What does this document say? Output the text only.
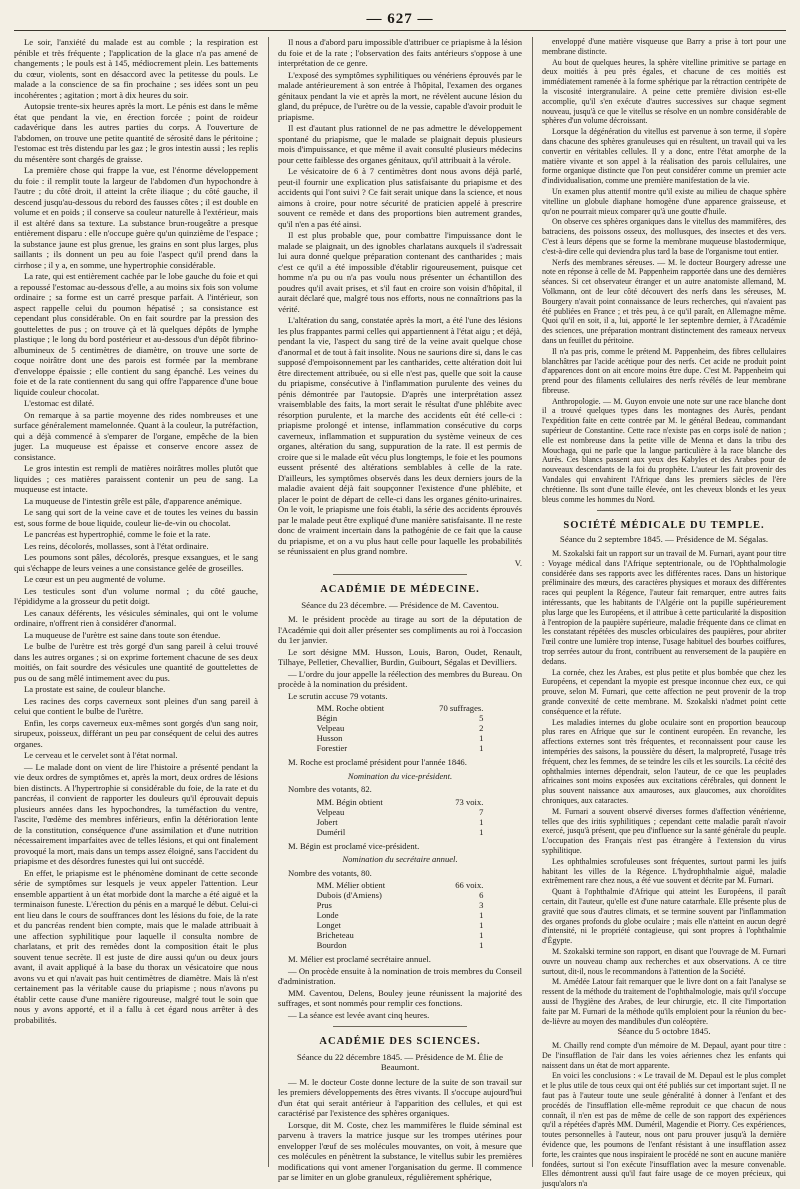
— 627 —

Le soir, l'anxiété du malade est au comble ; la respiration est pénible et très fréquente ; l'application de la glace n'a pas amené de changements ; le pouls est à 145, médiocrement plein. Les battements du cœur, violents, sont en désaccord avec la petitesse du pouls. Le malade a la conscience de sa fin prochaine ; ses idées sont un peu incohérentes ; agitation ; mort à dix heures du soir.

Autopsie trente-six heures après la mort. Le pénis est dans le même état que pendant la vie, en érection forcée ; point de roideur cadavérique dans les autres parties du corps. A l'ouverture de l'abdomen, on trouve une petite quantité de sérosité dans le péritoine ; l'estomac est très distendu par les gaz ; le gros intestin aussi ; les replis du mésentère sont chargés de graisse.

La première chose qui frappe la vue, est l'énorme développement du foie : il remplit toute la largeur de l'abdomen d'un hypochondre à l'autre ; du côté droit, il atteint la crête iliaque ; du côté gauche, il descend jusqu'au-dessous du rebord des fausses côtes ; il est double en volume et en poids ; il conserve sa couleur naturelle à l'extérieur, mais il est altéré dans sa texture. La substance brun-rougeâtre a presque entièrement disparu : elle n'occupe guère qu'un quinzième de l'espace ; la substance jaune est plus grenue, les grains en sont plus larges, plus saillants ; ils donnent un peu au foie l'aspect qu'il prend dans la cirrhose ; il y a, en somme, une hypertrophie considérable.

La rate, qui est entièrement cachée par le lobe gauche du foie et qui a repoussé l'estomac au-dessous d'elle, a au moins six fois son volume ordinaire ; sa forme est un carré presque parfait. A l'intérieur, son aspect rappelle celui du poumon hépatisé ; sa consistance est cependant plus considérable. On en fait sourdre par la pression des gouttelettes de pus ; on trouve çà et là quelques dépôts de lymphe plastique ; le long du bord postérieur et au-dessous d'un dépôt fibrino-albumineux de 5 centimètres de diamètre, on trouve une sorte de coque noirâtre dont une des parois est formée par la membrane d'enveloppe épaissie ; elle contient du sang épanché. Les veines du foie et de la rate contiennent du sang qui offre l'apparence d'une boue liquide couleur chocolat.

L'estomac est dilaté.

On remarque à sa partie moyenne des rides nombreuses et une surface généralement mamelonnée. Quant à la couleur, la putréfaction, qui a déjà commencé à s'emparer de l'organe, empêche de la bien juger. La muqueuse est épaisse et conserve encore assez de consistance.

Le gros intestin est rempli de matières noirâtres molles plutôt que liquides ; ces matières paraissent contenir un peu de sang. La muqueuse est intacte.

La muqueuse de l'intestin grêle est pâle, d'apparence anémique.

Le sang qui sort de la veine cave et de toutes les veines du bassin est, sous forme de boue liquide, couleur lie-de-vin ou chocolat.

Le pancréas est hypertrophié, comme le foie et la rate.

Les reins, décolorés, mollasses, sont à l'état ordinaire.

Les poumons sont pâles, décolorés, presque exsangues, et le sang qui s'échappe de leurs veines a une consistance gelée de groseilles.

Le cœur est un peu augmenté de volume.

Les testicules sont d'un volume normal ; du côté gauche, l'épididyme a la grosseur du petit doigt.

Les canaux déférents, les vésicules séminales, qui ont le volume ordinaire, n'offrent rien à considérer d'anormal.

La muqueuse de l'urètre est saine dans toute son étendue.

Le bulbe de l'urètre est très gorgé d'un sang pareil à celui trouvé dans les autres organes ; si on exprime fortement chacune de ses deux moitiés, on fait sourdre des vésicules une quantité de gouttelettes de pus ou de sang mêlé intimement avec du pus.

La prostate est saine, de couleur blanche.

Les racines des corps caverneux sont pleines d'un sang pareil à celui que contient le bulbe de l'urètre.

Enfin, les corps caverneux eux-mêmes sont gorgés d'un sang noir, sirupeux, poisseux, différant un peu par conséquent de celui des autres organes.

Le cerveau et le cervelet sont à l'état normal.

— Le malade dont on vient de lire l'histoire a présenté pendant la vie deux ordres de symptômes et, après la mort, deux ordres de lésions bien distincts. A l'hypertrophie si considérable du foie, de la rate et du pancréas, il convient de rapporter les douleurs qu'il éprouvait depuis plusieurs années dans les hypochondres, la tuméfaction du ventre, l'ascite, l'œdème des membres inférieurs, enfin la détérioration lente de la constitution, conséquence d'une assimilation et d'une nutrition nécessairement imparfaites avec de telles lésions, et qui ont finalement provoqué la mort, mais dans un temps assez éloigné, sans l'accident du priapisme et des désordres funestes qui lui ont succédé.

En effet, le priapisme est le phénomène dominant de cette seconde série de symptômes sur lesquels je veux appeler l'attention. Leur ensemble appartient à un état morbide dont la marche a été aiguë et la terminaison funeste. L'érection du pénis en a marqué le début. Celui-ci ent lieu dans le cours de souffrances dont les lésions du foie, de la rate et du pancréas rendent bien compte, mais que le malade attribuait à une affection syphilitique pour laquelle il consulta nombre de charlatans, et prit des remèdes dont la composition était le plus souvent tenue secrète. Il est juste de dire aussi qu'un ou deux jours avant, il avait appliqué à la base du thorax un vésicatoire que nous avons vu et qui n'avait pas huit centimètres de diamètre. Mais là n'est certainement pas la véritable cause du priapisme ; nous n'avons pu établir cette cause d'une manière rigoureuse, malgré tout le soin que nous y avons apporté, et il a fallu à cet égard nous arrêter à des probabilités.

Il nous a d'abord paru impossible d'attribuer ce priapisme à la lésion du foie et de la rate ; l'observation des faits antérieurs s'oppose à une interprétation de ce genre.

L'exposé des symptômes syphilitiques ou vénériens éprouvés par le malade antérieurement à son entrée à l'hôpital, l'examen des organes génitaux pendant la vie et après la mort, ne révèlent aucune lésion du gland, du prépuce, de l'urètre ou de la vessie, capable d'avoir produit le priapisme.

Il est d'autant plus rationnel de ne pas admettre le développement spontané du priapisme, que le malade se plaignait depuis plusieurs mois d'impuissance, et que même il avait consulté plusieurs médecins pour cette faiblesse des organes génitaux, qu'il attribuait à la vérole.

Le vésicatoire de 6 à 7 centimètres dont nous avons déjà parlé, peut-il fournir une explication plus satisfaisante du priapisme et des accidents qui l'ont suivi ? Ce fait serait unique dans la science, et nous aimons à croire, pour notre sécurité de praticien appelé à prescrire souvent ce remède et dans des proportions bien autrement grandes, qu'il n'en a pas été ainsi.

Il est plus probable que, pour combattre l'impuissance dont le malade se plaignait, un des ignobles charlatans auxquels il s'adressait lui aura donné quelque préparation contenant des cantharides ; mais c'est ce qu'il a été impossible d'établir rigoureusement, puisque cet homme n'a pu ou n'a pas voulu nous présenter un échantillon des poudres qu'il avait prises, et s'il faut en croire son voisin d'hôpital, il aurait déclaré que, malgré tous nos efforts, nous ne connaîtrions pas la vérité.

L'altération du sang, constatée après la mort, a été l'une des lésions les plus frappantes parmi celles qui appartiennent à l'état aigu ; et déjà, pendant la vie, l'aspect du sang tiré de la veine avait quelque chose d'anormal et de tout à fait insolite. Nous ne saurions dire si, dans le cas supposé d'empoisonnement par les cantharides, cette altération doit lui être directement attribuée, ou si elle n'est pas, quelle que soit la cause du priapisme, consécutive à l'inflammation purulente des veines du pénis démontrée par l'autopsie. D'après une interprétation assez vraisemblable des faits, la mort serait le résultat d'une phlébite avec résorption purulente, et la marche des accidents eût été celle-ci : priapisme prolongé et intense, inflammation consécutive du corps caverneux, inflammation et suppuration du système veineux de ces organes, altération du sang, suppuration de la rate. Il est permis de croire que si le malade eût vécu plus longtemps, le foie et les poumons eussent présenté des altérations semblables à celle de la rate. D'ailleurs, les symptômes observés dans les deux derniers jours de la maladie avaient déjà fait soupçonner l'existence d'une phlébite, et placer le point de départ de celle-ci dans les organes génito-urinaires. On le voit, le priapisme une fois établi, la série des accidents éprouvés par le malade peut être expliqué d'une manière satisfaisante. Il ne reste donc de vraiment incertain dans la pathogénie de ce fait que la cause du priapisme, et on a vu plus haut celle pour laquelle les probabilités se réunissaient en plus grand nombre.

V.

ACADÉMIE DE MÉDECINE.
Séance du 23 décembre. — Présidence de M. Caventou.

M. le président procède au tirage au sort de la députation de l'Académie qui doit aller présenter ses compliments au roi à l'occasion du 1er janvier.

Le sort désigne MM. Husson, Louis, Baron, Oudet, Renault, Tilhaye, Pelletier, Chevallier, Burdin, Guibourt, Ségalas et Devilliers.

— L'ordre du jour appelle la réélection des membres du Bureau. On procède à la nomination du président.

Le scrutin accuse 79 votants.

MM. Roche obtient	70 suffrages.
Bégin	5
Velpeau	2
Husson	1
Forestier	1

M. Roche est proclamé président pour l'année 1846.

Nomination du vice-président.

Nombre des votants, 82.

MM. Bégin obtient	73 voix.
Velpeau	7
Jobert	1
Duméril	1

M. Bégin est proclamé vice-président.

Nomination du secrétaire annuel.

Nombre des votants, 80.

MM. Mélier obtient	66 voix.
Dubois (d'Amiens)	6
Prus	3
Londe	1
Longet	1
Bricheteau	1
Bourdon	1

M. Mélier est proclamé secrétaire annuel.

— On procède ensuite à la nomination de trois membres du Conseil d'administration.

MM. Caventou, Delens, Bouley jeune réunissent la majorité des suffrages, et sont nommés pour remplir ces fonctions.

— La séance est levée avant cinq heures.

ACADÉMIE DES SCIENCES.
Séance du 22 décembre 1845. — Présidence de M. Élie de Beaumont.

— M. le docteur Coste donne lecture de la suite de son travail sur les premiers développements des êtres vivants. Il s'occupe aujourd'hui d'un état qui serait antérieur à l'apparition des cellules, et qui est caractérisé par l'existence des sphères organiques.

Lorsque, dit M. Coste, chez les mammifères le fluide séminal est parvenu à travers la matrice jusque sur les trompes utérines pour envelopper l'œuf de ses molécules mouvantes, on voit, à mesure que ces molécules en pénètrent la substance, le vitellus subir les premières modifications qui vont amener l'organisation du germe. Il commence par se limiter en un globe granuleux, régulièrement sphérique,

enveloppé d'une matière visqueuse que Barry a prise à tort pour une membrane distincte.

Au bout de quelques heures, la sphère vitelline primitive se partage en deux moitiés à peu près égales, et chacune de ces moitiés est immédiatement ramenée à la forme sphérique par la rétraction centripète de la viscosité intergranulaire. A peine cette première division est-elle accomplie, qu'il s'en exécute d'autres successives sur chaque segment nouveau, jusqu'à ce que le vitellus se résolve en un nombre considérable de sphères d'un volume décroissant.

Lorsque la dégénération du vitellus est parvenue à son terme, il s'opère dans chacune des sphères granuleuses qui en résultent, un travail qui va les convertir en véritables cellules. Il y a donc, entre l'état amorphe de la matière vivante et son appel à la réalisation des parois cellulaires, une forme organique distincte que l'on peut considérer comme un premier acte d'individualisation, comme une première manifestation de la vie.

Un examen plus attentif montre qu'il existe au milieu de chaque sphère vitelline un globule diaphane homogène d'une apparence graisseuse, et qu'on ne pourrait mieux comparer qu'à une goutte d'huile.

On observe ces sphères organiques dans le vitellus des mammifères, des batraciens, des poissons osseux, des mollusques, des insectes et des vers. C'est à leurs dépens que se forme la membrane muqueuse blastodermique, c'est-à-dire celle qui deviendra plus tard la base de l'organisme tout entier.

Nerfs des membranes séreuses. — M. le docteur Bourgery adresse une note en réponse à celle de M. Pappenheim rapportée dans une des dernières séances. Si cet observateur étranger et un autre anatomiste allemand, M. Volkmann, ont de leur côté découvert des nerfs dans les séreuses, M. Bourgery n'avait point connaissance de leurs recherches, qui n'avaient pas été publiées en France ; et très peu, à ce qu'il paraît, en Allemagne même. Quoi qu'il en soit, il a, lui, apporté le 1er septembre dernier, à l'Académie des sciences, une préparation montrant distinctement des rameaux nerveux dans un feuillet du péritoine.

Il n'a pas pris, comme le prétend M. Pappenheim, des fibres cellulaires blanchâtres par l'acide acétique pour des nerfs. Cet acide ne produit point d'apparences dont on ait encore moins être dupe. C'est M. Pappenheim qui prend pour des filaments cellulaires des nerfs révélés de leur membrane fibreuse.

Anthropologie. — M. Guyon envoie une note sur une race blanche dont il a trouvé quelques types dans les montagnes des Aurès, pendant l'expédition faite en cette contrée par M. le général Bedeau, commandant supérieur de Constantine. Cette race n'existe pas en corps isolé de nation ; elle est nombreuse dans la petite ville de Menna et dans la tribu des Mouchaga, qui ne parle que la langue particulière à la race blanche des Aurès. Ces blancs passent aux yeux des Kabyles et des Arabes pour de nouveaux descendants de la foi du prophète. L'auteur les fait provenir des Vandales qui envahirent l'Afrique dans les premiers siècles de l'ère chrétienne. Ils sont d'une taille élevée, ont les cheveux blonds et les yeux bleus comme les hommes du Nord.

SOCIÉTÉ MÉDICALE DU TEMPLE.
Séance du 2 septembre 1845. — Présidence de M. Ségalas.

M. Szokalski fait un rapport sur un travail de M. Furnari, ayant pour titre : Voyage médical dans l'Afrique septentrionale, ou de l'Ophthalmologie considérée dans ses rapports avec les différentes races. Dans un historique préliminaire des mœurs, des caractères physiques et moraux des différentes races qui peuplent la Régence, l'auteur fait remarquer, entre autres faits intéressants, que les habitants de l'Algérie ont la pupille supérieurement plus large que les Européens, et il attribue à cette particularité la disposition à l'entropion de la paupière supérieure, maladie fréquente dans ce climat en les constatant répétées des muscles orbiculaires des paupières, pour abriter l'œil contre une lumière trop intense, l'usage habituel des bourbes coiffures, trop serrées autour du front, contribuent au renversement de la paupière en dedans.

La cornée, chez les Arabes, est plus petite et plus bombée que chez les Européens, et cependant la myopie est presque inconnue chez eux, ce qui prouve, selon M. Furnari, que cette affection ne peut provenir de la trop grande convexité de cette membrane. M. Szokalski n'admet point cette conséquence et la réfute.

Les maladies internes du globe oculaire sont en proportion beaucoup plus rares en Afrique que sur le continent européen. En revanche, les affections externes sont très fréquentes, et reconnaissent pour cause les intempéries des saisons, la poussière du désert, la malpropreté, l'usage très fréquent, chez les femmes, de se teindre les cils et les sourcils. La cécité des ophthalmies internes dépendrait, selon l'auteur, de ce que les peuplades africaines sont moins exposées aux excitations cérébrales, qui donnent le plus souvent naissance aux amauroses, aux glaucomes, aux choroïdites chroniques, aux cataractes.

M. Furnari a souvent observé diverses formes d'affection vénérienne, telles que des iritis syphilitiques ; cependant cette maladie paraît n'avoir exercé, jusqu'à présent, que peu d'influence sur la santé générale du peuple. L'occupation des Français n'est pas étrangère à l'extension du virus syphilitique.

Les ophthalmies scrofuleuses sont fréquentes, surtout parmi les juifs habitant les villes de la Régence. L'hydrophthalmie aiguë, maladie extrêmement rare chez nous, a été vue souvent et décrite par M. Furnari.

Quant à l'ophthalmie d'Afrique qui atteint les Européens, il paraît certain, dit l'auteur, qu'elle est d'une nature catarrhale. Elle présente plus de gravité que sous d'autres climats, et se termine souvent par l'inflammation des organes profonds du globe oculaire ; mais elle n'atteint en aucun degré d'intensité, ni le propriété contagieuse, qui sont propres à l'ophthalmie d'Égypte.

M. Szokalski termine son rapport, en disant que l'ouvrage de M. Furnari ouvre un nouveau champ aux recherches et aux observations. A ce titre surtout, dit-il, nous le recommandons à l'attention de la Société.

M. Amédée Latour fait remarquer que le livre dont on a fait l'analyse se ressent de la méthode du traitement de l'ophthalmologie, mais qu'il s'occupe aussi de l'hygiène des Arabes, de leur chirurgie, etc. Il cite l'importation faite par M. Furnari de la méthode qu'ils emploient pour la réunion du bec-de-lièvre au moyen des mandibules d'un coléoptère.

Séance du 5 octobre 1845.

M. Chailly rend compte d'un mémoire de M. Depaul, ayant pour titre : De l'insufflation de l'air dans les voies aériennes chez les enfants qui naissent dans un état de mort apparente.

En voici les conclusions : « Le travail de M. Depaul est le plus complet et le plus utile de tous ceux qui ont été publiés sur cet important sujet. Il ne faut pas à l'auteur toute une seule généralité à donner à l'enfant et des procédés de l'insufflation elle-même reproduit ce que chacun de nous connaît, il n'en est pas de même de celle de son rapport des expériences qu'il a répétées d'après MM. Duméril, Magendie et Piorry. Ces expériences, toutes personnelles à l'auteur, nous ont paru prouver jusqu'à la dernière évidence que, les poumons de l'enfant résistant à une insufflation assez forte, les craintes que nous inspiraient le procédé ne sont en aucune manière fondées, surtout si l'on exécute l'insufflation avec la mesure convenable. Elles démontrent aussi qu'il faut faire usage de ce moyen précieux, qui jusqu'alors n'a
